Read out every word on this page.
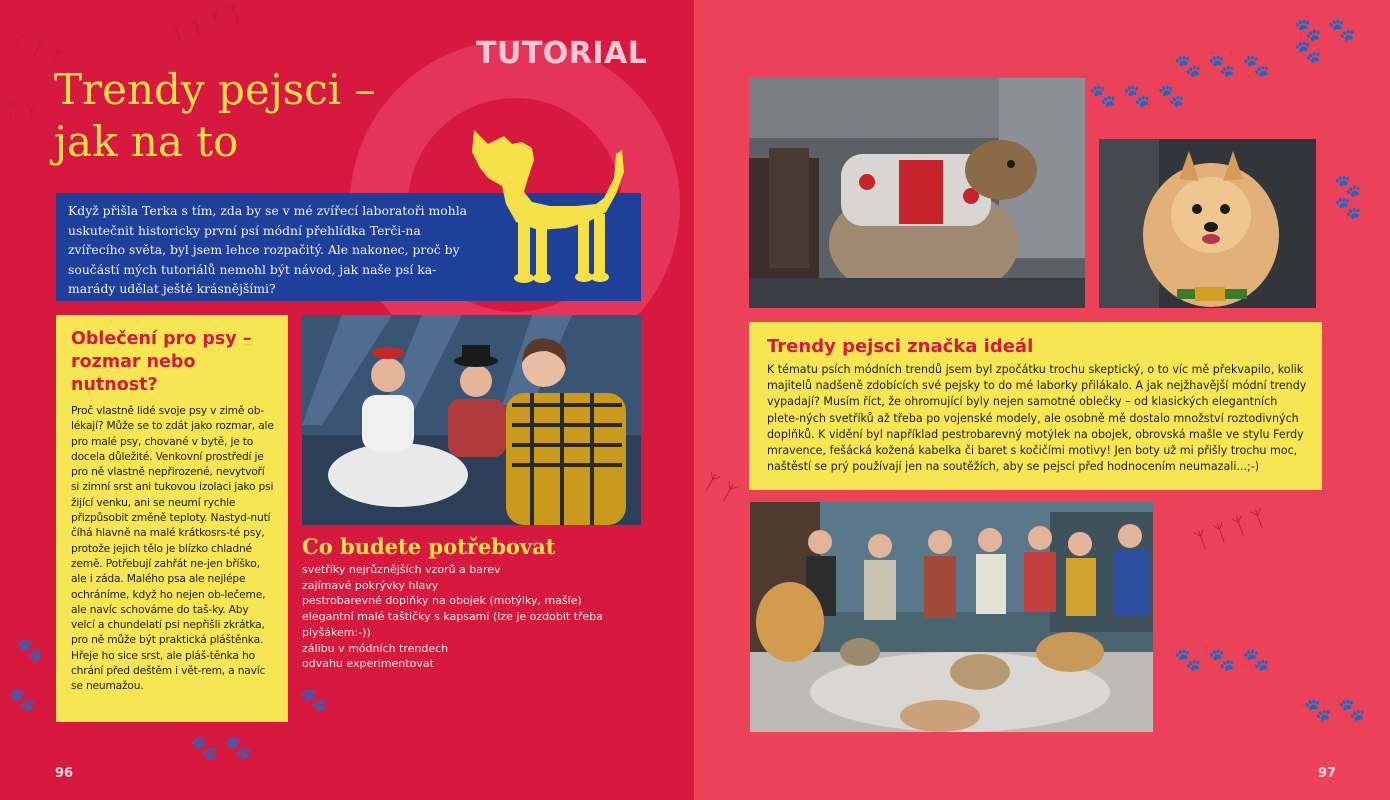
ᛉ ᛉ ᛉ
ᛉ ᛉ ᛉ ᛉ
ᛉ ᛉ
🐾
🐾
🐾 🐾
🐾
TUTORIAL
Trendy pejsci –
jak na to
Když přišla Terka s tím, zda by se v mé zvířecí laboratoři mohla uskutečnit historicky první psí módní přehlídka Terči-na zvířecího světa, byl jsem lehce rozpačitý. Ale nakonec, proč by součástí mých tutoriálů nemohl být návod, jak naše psí ka-marády udělat ještě krásnějšími?
Oblečení pro psy – rozmar nebo nutnost?

Proč vlastně lidé svoje psy v zimě ob-lékají? Může se to zdát jako rozmar, ale pro malé psy, chované v bytě, je to docela důležité. Venkovní prostředí je pro ně vlastně nepřirozené, nevytvoří si zimní srst ani tukovou izolaci jako psi žijící venku, ani se neumí rychle přizpůsobit změně teploty. Nastyd-nutí číhá hlavně na malé krátkosrs-té psy, protože jejich tělo je blízko chladné země. Potřebují zahřát ne-jen bříško, ale i záda. Malého psa ale nejlépe ochráníme, když ho nejen ob-lečeme, ale navíc schováme do taš-ky. Aby velcí a chundelatí psi nepřišli zkrátka, pro ně může být praktická pláštěnka. Hřeje ho sice srst, ale pláš-těnka ho chrání před deštěm i vět-rem, a navíc se neumažou.

Co budete potřebovat
svetříky nejrůznějších vzorů a barev
zajímavé pokrývky hlavy
pestrobarevné doplňky na obojek (motýlky, mašle)
elegantní malé taštičky s kapsami (lze je ozdobit třeba plyšákem:-))
zálibu v módních trendech
odvahu experimentovat
96
🐾 🐾 🐾
🐾 🐾 🐾
🐾 🐾 🐾
🐾 🐾
ᛉ ᛉ
ᛉ ᛉ ᛉ ᛉ
🐾 🐾 🐾
🐾 🐾
Trendy pejsci značka ideál

K tématu psích módních trendů jsem byl zpočátku trochu skeptický, o to víc mě překvapilo, kolik majitelů nadšeně zdobících své pejsky to do mé laborky přilákalo. A jak nejžhavější módní trendy vypadají? Musím říct, že ohromující byly nejen samotné oblečky – od klasických elegantních plete-ných svetříků až třeba po vojenské modely, ale osobně mě dostalo množství roztodivných doplňků. K vidění byl například pestrobarevný motýlek na obojek, obrovská mašle ve stylu Ferdy mravence, fešácká kožená kabelka či baret s kočičími motivy! Jen boty už mi přišly trochu moc, naštěstí se prý používají jen na soutěžích, aby se pejsci před hodnocením neumazali...;-)

97
